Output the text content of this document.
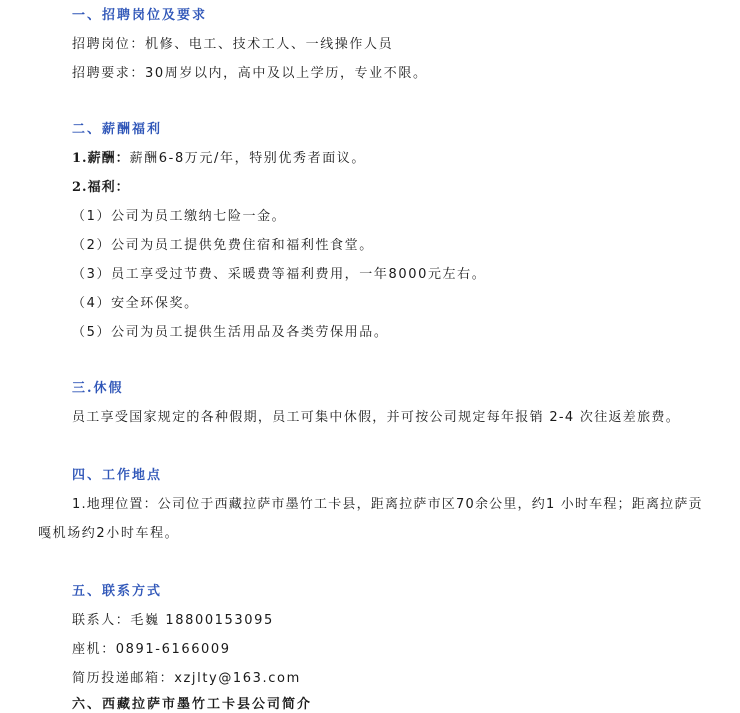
一、招聘岗位及要求
招聘岗位：机修、电工、技术工人、一线操作人员
招聘要求：30周岁以内，高中及以上学历，专业不限。
二、薪酬福利
1.薪酬：薪酬6-8万元/年，特别优秀者面议。
2.福利：
（1）公司为员工缴纳七险一金。
（2）公司为员工提供免费住宿和福利性食堂。
（3）员工享受过节费、采暖费等福利费用，一年8000元左右。
（4）安全环保奖。
（5）公司为员工提供生活用品及各类劳保用品。
三.休假
员工享受国家规定的各种假期，员工可集中休假，并可按公司规定每年报销 2-4 次往返差旅费。
四、工作地点
1.地理位置：公司位于西藏拉萨市墨竹工卡县，距离拉萨市区70余公里，约1 小时车程；距离拉萨贡
嘎机场约2小时车程。
五、联系方式
联系人：毛巍 18800153095
座机：0891-6166009
简历投递邮箱：xzjlty@163.com
六、西藏拉萨市墨竹工卡县公司简介
